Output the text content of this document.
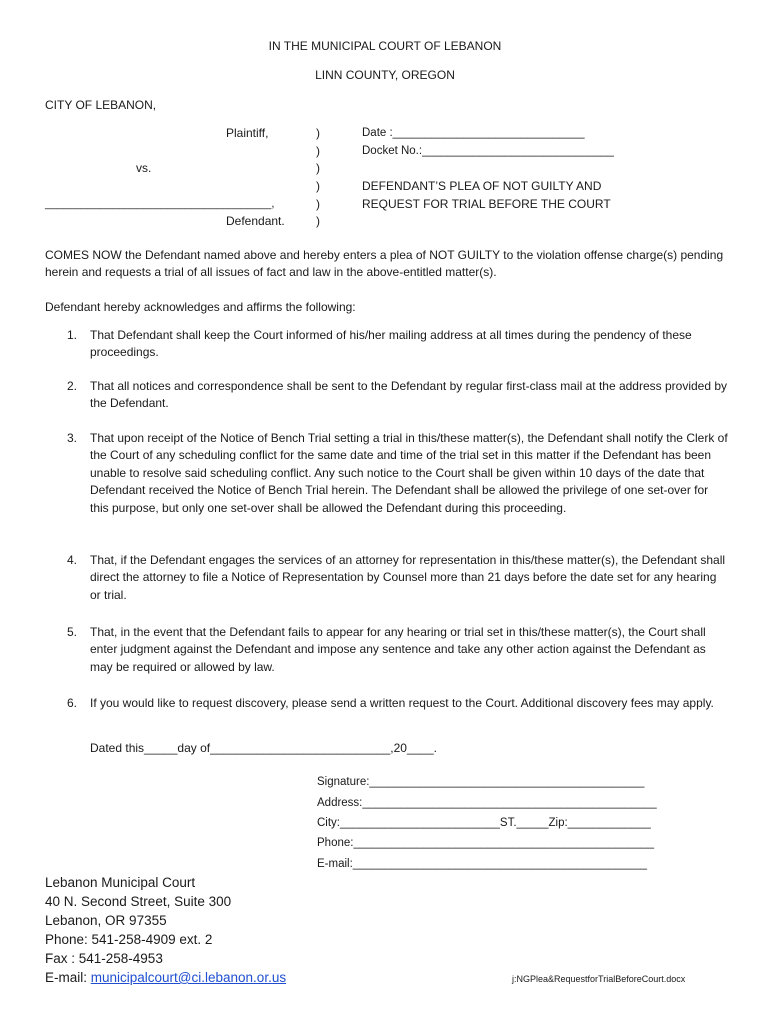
IN THE MUNICIPAL COURT OF LEBANON
LINN COUNTY, OREGON
CITY OF LEBANON,
Plaintiff,
vs.
_____________________________________,
Defendant.
)
)
)
)
)
)
Date :______________________________
Docket No.:______________________________
DEFENDANT’S PLEA OF NOT GUILTY AND
REQUEST FOR TRIAL BEFORE THE COURT
COMES NOW the Defendant named above and hereby enters a plea of NOT GUILTY to the violation offense charge(s) pending herein and requests a trial of all issues of fact and law in the above-entitled matter(s).
Defendant hereby acknowledges and affirms the following:
1. That Defendant shall keep the Court informed of his/her mailing address at all times during the pendency of these proceedings.
2. That all notices and correspondence shall be sent to the Defendant by regular first-class mail at the address provided by the Defendant.
3. That upon receipt of the Notice of Bench Trial setting a trial in this/these matter(s), the Defendant shall notify the Clerk of the Court of any scheduling conflict for the same date and time of the trial set in this matter if the Defendant has been unable to resolve said scheduling conflict. Any such notice to the Court shall be given within 10 days of the date that Defendant received the Notice of Bench Trial herein. The Defendant shall be allowed the privilege of one set-over for this purpose, but only one set-over shall be allowed the Defendant during this proceeding.
4. That, if the Defendant engages the services of an attorney for representation in this/these matter(s), the Defendant shall direct the attorney to file a Notice of Representation by Counsel more than 21 days before the date set for any hearing or trial.
5. That, in the event that the Defendant fails to appear for any hearing or trial set in this/these matter(s), the Court shall enter judgment against the Defendant and impose any sentence and take any other action against the Defendant as may be required or allowed by law.
6. If you would like to request discovery, please send a written request to the Court. Additional discovery fees may apply.
Dated this_____day of___________________________,20____.
Signature:___________________________________________
Address:______________________________________________
City:_________________________ST._____Zip:_____________
Phone:_______________________________________________
E-mail:______________________________________________
Lebanon Municipal Court
40 N. Second Street, Suite 300
Lebanon, OR 97355
Phone: 541-258-4909 ext. 2
Fax : 541-258-4953
E-mail: municipalcourt@ci.lebanon.or.us	j:NGPlea&RequestforTrialBeforeCourt.docx
